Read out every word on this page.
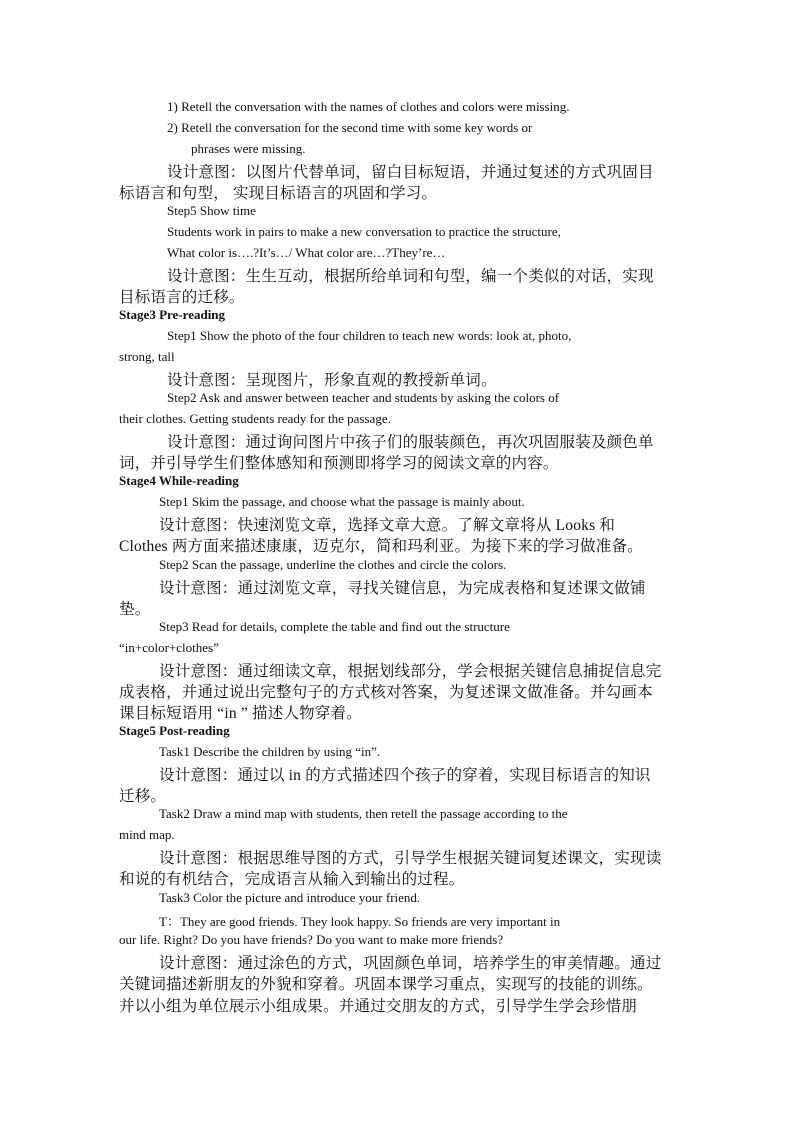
1) Retell the conversation with the names of clothes and colors were missing.
2) Retell the conversation for the second time with some key words or
phrases were missing.
设计意图：以图片代替单词，留白目标短语，并通过复述的方式巩固目
标语言和句型， 实现目标语言的巩固和学习。
Step5 Show time
Students work in pairs to make a new conversation to practice the structure,
What color is….?It’s…/ What color are…?They’re…
设计意图：生生互动，根据所给单词和句型，编一个类似的对话，实现
目标语言的迁移。
Stage3 Pre-reading
Step1 Show the photo of the four children to teach new words: look at, photo,
strong, tall
设计意图：呈现图片，形象直观的教授新单词。
Step2 Ask and answer between teacher and students by asking the colors of
their clothes. Getting students ready for the passage.
设计意图：通过询问图片中孩子们的服装颜色，再次巩固服装及颜色单
词，并引导学生们整体感知和预测即将学习的阅读文章的内容。
Stage4 While-reading
Step1 Skim the passage, and choose what the passage is mainly about.
设计意图：快速浏览文章，选择文章大意。了解文章将从 Looks 和
Clothes 两方面来描述康康，迈克尔，简和玛利亚。为接下来的学习做准备。
Step2 Scan the passage, underline the clothes and circle the colors.
设计意图：通过浏览文章，寻找关键信息，为完成表格和复述课文做铺
垫。
Step3 Read for details, complete the table and find out the structure
“in+color+clothes”
设计意图：通过细读文章，根据划线部分，学会根据关键信息捕捉信息完
成表格，并通过说出完整句子的方式核对答案，为复述课文做准备。并勾画本
课目标短语用 “in ” 描述人物穿着。
Stage5 Post-reading
Task1 Describe the children by using “in”.
设计意图：通过以 in 的方式描述四个孩子的穿着，实现目标语言的知识
迁移。
Task2 Draw a mind map with students, then retell the passage according to the
mind map.
设计意图：根据思维导图的方式，引导学生根据关键词复述课文，实现读
和说的有机结合，完成语言从输入到输出的过程。
Task3 Color the picture and introduce your friend.
T：They are good friends. They look happy. So friends are very important in
our life. Right? Do you have friends? Do you want to make more friends?
设计意图：通过涂色的方式，巩固颜色单词，培养学生的审美情趣。通过
关键词描述新朋友的外貌和穿着。巩固本课学习重点，实现写的技能的训练。
并以小组为单位展示小组成果。并通过交朋友的方式，引导学生学会珍惜朋
